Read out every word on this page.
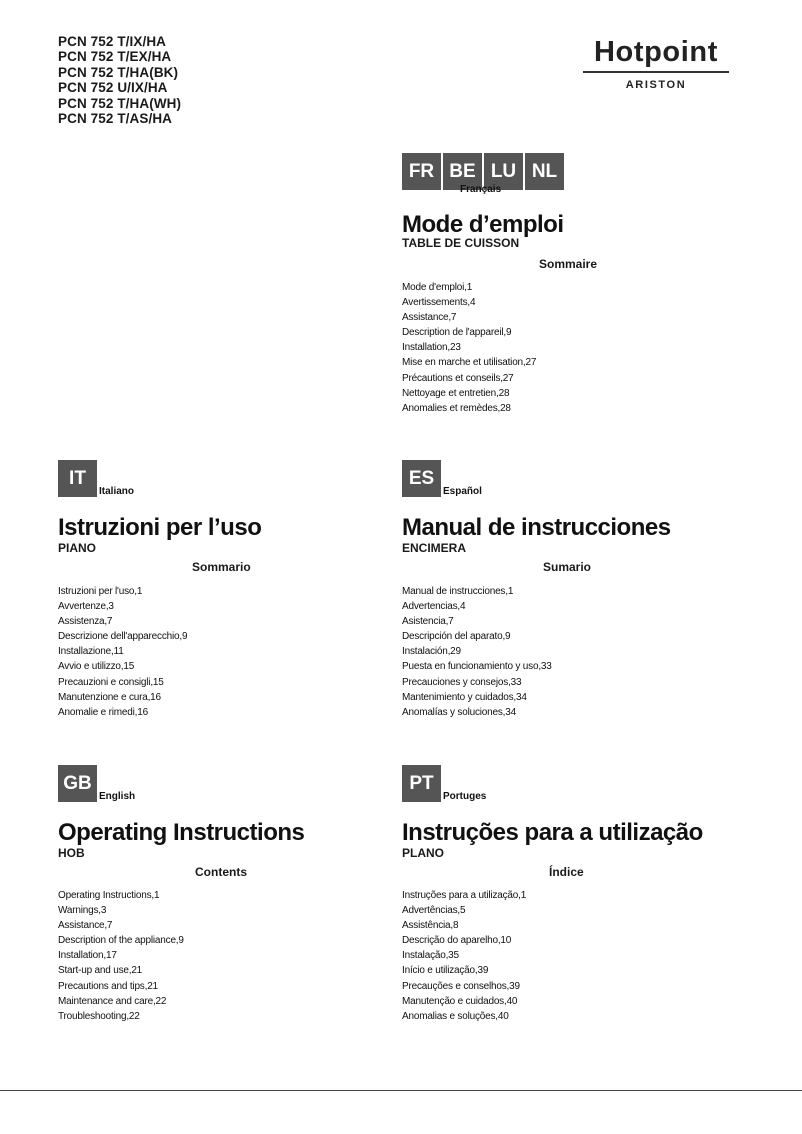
PCN 752 T/IX/HA
PCN 752 T/EX/HA
PCN 752 T/HA(BK)
PCN 752 U/IX/HA
PCN 752 T/HA(WH)
PCN 752 T/AS/HA
Hotpoint
ARISTON
FR BE LU NL
Français
Mode d’emploi
TABLE DE CUISSON
Sommaire
Mode d'emploi,1
Avertissements,4
Assistance,7
Description de l'appareil,9
Installation,23
Mise en marche et utilisation,27
Précautions et conseils,27
Nettoyage et entretien,28
Anomalies et remèdes,28
IT
Italiano
Istruzioni per l’uso
PIANO
Sommario
Istruzioni per l'uso,1
Avvertenze,3
Assistenza,7
Descrizione dell'apparecchio,9
Installazione,11
Avvio e utilizzo,15
Precauzioni e consigli,15
Manutenzione e cura,16
Anomalie e rimedi,16
ES
Español
Manual de instrucciones
ENCIMERA
Sumario
Manual de instrucciones,1
Advertencias,4
Asistencia,7
Descripción del aparato,9
Instalación,29
Puesta en funcionamiento y uso,33
Precauciones y consejos,33
Mantenimiento y cuidados,34
Anomalías y soluciones,34
GB
English
Operating Instructions
HOB
Contents
Operating Instructions,1
Warnings,3
Assistance,7
Description of the appliance,9
Installation,17
Start-up and use,21
Precautions and tips,21
Maintenance and care,22
Troubleshooting,22
PT
Portuges
Instruções para a utilização
PLANO
Índice
Instruções para a utilização,1
Advertências,5
Assistência,8
Descrição do aparelho,10
Instalação,35
Início e utilização,39
Precauções e conselhos,39
Manutenção e cuidados,40
Anomalias e soluções,40
